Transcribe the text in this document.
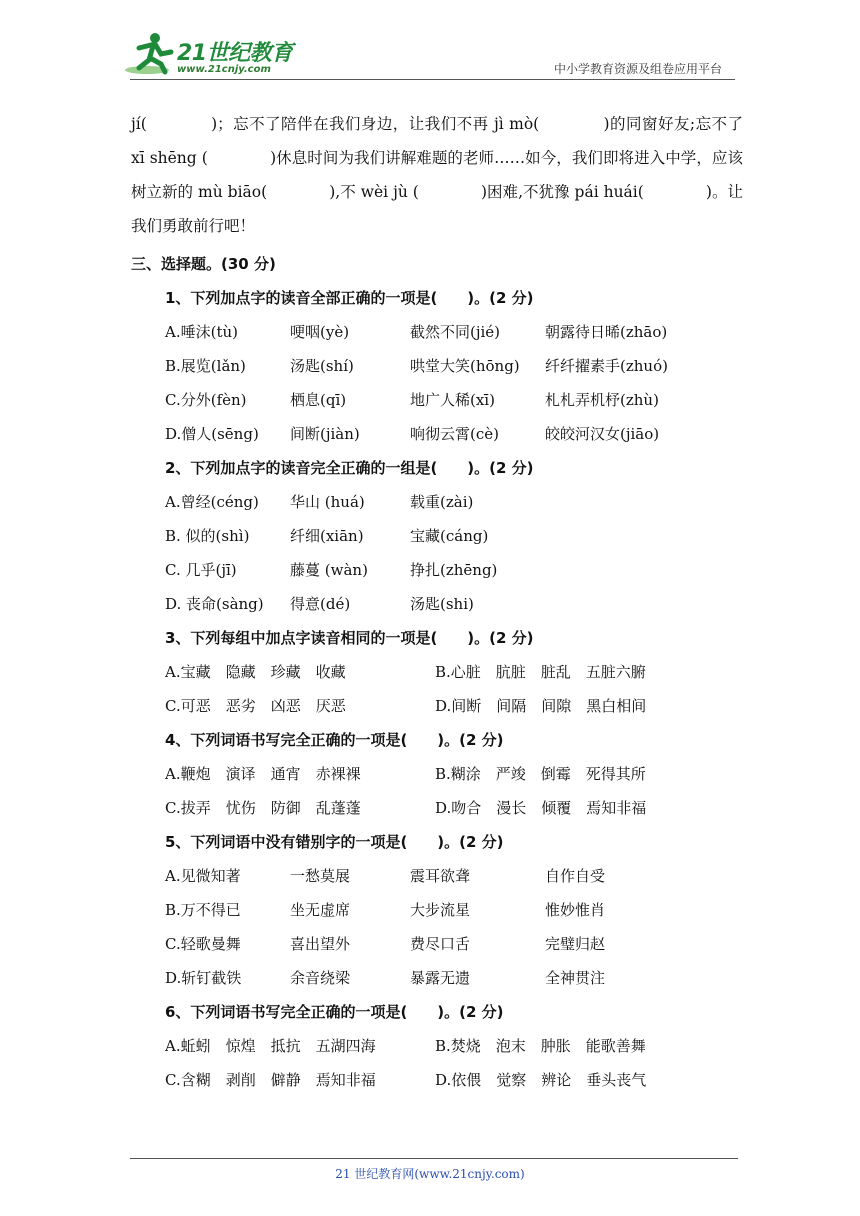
21世纪教育
www.21cnjy.com	中小学教育资源及组卷应用平台

jí(　　　　)；忘不了陪伴在我们身边，让我们不再 jì mò(　　　　)的同窗好友;忘不了 xī shēng (　　　　)休息时间为我们讲解难题的老师……如今，我们即将进入中学，应该树立新的 mù biāo(　　　　),不 wèi jù (　　　　)困难,不犹豫 pái huái(　　　　)。让我们勇敢前行吧！

三、选择题。(30 分)
1、下列加点字的读音全部正确的一项是(　　)。(2 分)
A.唾沫(tù)	哽咽(yè)	截然不同(jié)	朝露待日晞(zhāo)
B.展览(lǎn)	汤匙(shí)	哄堂大笑(hōng) 纤纤擢素手(zhuó)
C.分外(fèn)	栖息(qī)	地广人稀(xī)	札札弄机杼(zhù)
D.僧人(sēng) 间断(jiàn)	响彻云霄(cè)	皎皎河汉女(jiāo)
2、下列加点字的读音完全正确的一组是(　　)。(2 分)
A.曾经(céng) 华山 (huá)	载重(zài)
B. 似的(shì)	纤细(xiān)	宝藏(cáng)
C. 几乎(jī)	藤蔓 (wàn)	挣扎(zhēng)
D. 丧命(sàng) 得意(dé)	汤匙(shi)
3、下列每组中加点字读音相同的一项是(　　)。(2 分)
A.宝藏　隐藏　珍藏　收藏	B.心脏　肮脏　脏乱　五脏六腑
C.可恶　恶劣　凶恶　厌恶	D.间断　间隔　间隙　黑白相间
4、下列词语书写完全正确的一项是(　　)。(2 分)
A.鞭炮　演译　通宵　赤裸裸	B.糊涂　严竣　倒霉　死得其所
C.拔弄　忧伤　防御　乱蓬蓬	D.吻合　漫长　倾覆　焉知非福
5、下列词语中没有错别字的一项是(　　)。(2 分)
A.见微知著	一愁莫展	震耳欲聋	自作自受
B.万不得已	坐无虚席	大步流星	惟妙惟肖
C.轻歌曼舞	喜出望外	费尽口舌	完璧归赵
D.斩钉截铁	余音绕梁	暴露无遗	全神贯注
6、下列词语书写完全正确的一项是(　　)。(2 分)
A.蚯蚓　惊煌　抵抗　五湖四海	B.焚烧　泡末　肿胀　能歌善舞
C.含糊　剥削　僻静　焉知非福	D.依偎　觉察　辨论　垂头丧气
21 世纪教育网(www.21cnjy.com)
